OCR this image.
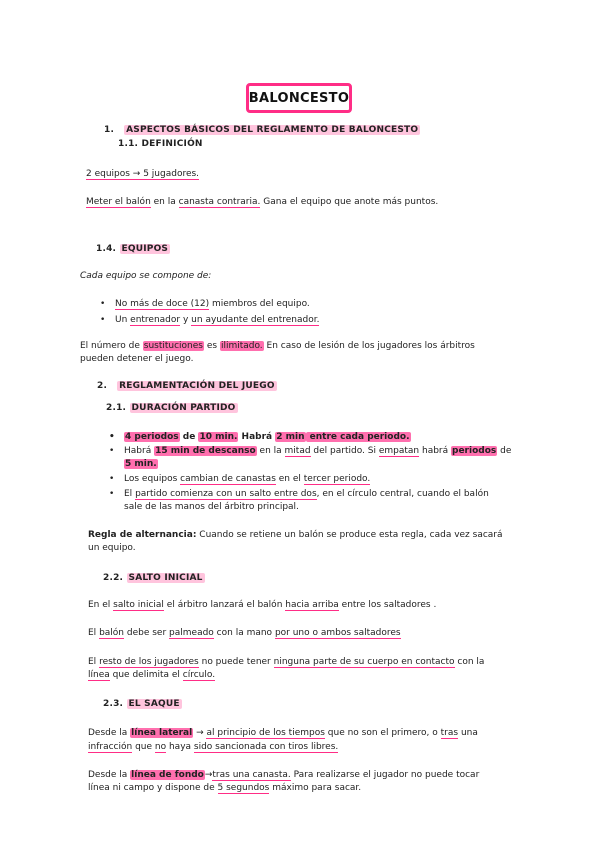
BALONCESTO
1. ASPECTOS BÁSICOS DEL REGLAMENTO DE BALONCESTO
1.1. DEFINICIÓN
2 equipos → 5 jugadores.
Meter el balón en la canasta contraria. Gana el equipo que anote más puntos.
1.4. EQUIPOS
Cada equipo se compone de:
• No más de doce (12) miembros del equipo.
• Un entrenador y un ayudante del entrenador.
El número de sustituciones es ilimitado. En caso de lesión de los jugadores los árbitros
pueden detener el juego.
2. REGLAMENTACIÓN DEL JUEGO
2.1. DURACIÓN PARTIDO
• 4 periodos de 10 min. Habrá 2 min entre cada periodo.
• Habrá 15 min de descanso en la mitad del partido. Si empatan habrá periodos de
5 min.
• Los equipos cambian de canastas en el tercer periodo.
• El partido comienza con un salto entre dos, en el círculo central, cuando el balón
sale de las manos del árbitro principal.
Regla de alternancia: Cuando se retiene un balón se produce esta regla, cada vez sacará
un equipo.
2.2. SALTO INICIAL
En el salto inicial el árbitro lanzará el balón hacia arriba entre los saltadores .
El balón debe ser palmeado con la mano por uno o ambos saltadores
El resto de los jugadores no puede tener ninguna parte de su cuerpo en contacto con la
línea que delimita el círculo.
2.3. EL SAQUE
Desde la línea lateral → al principio de los tiempos que no son el primero, o tras una
infracción que no haya sido sancionada con tiros libres.
Desde la línea de fondo→tras una canasta. Para realizarse el jugador no puede tocar
línea ni campo y dispone de 5 segundos máximo para sacar.
